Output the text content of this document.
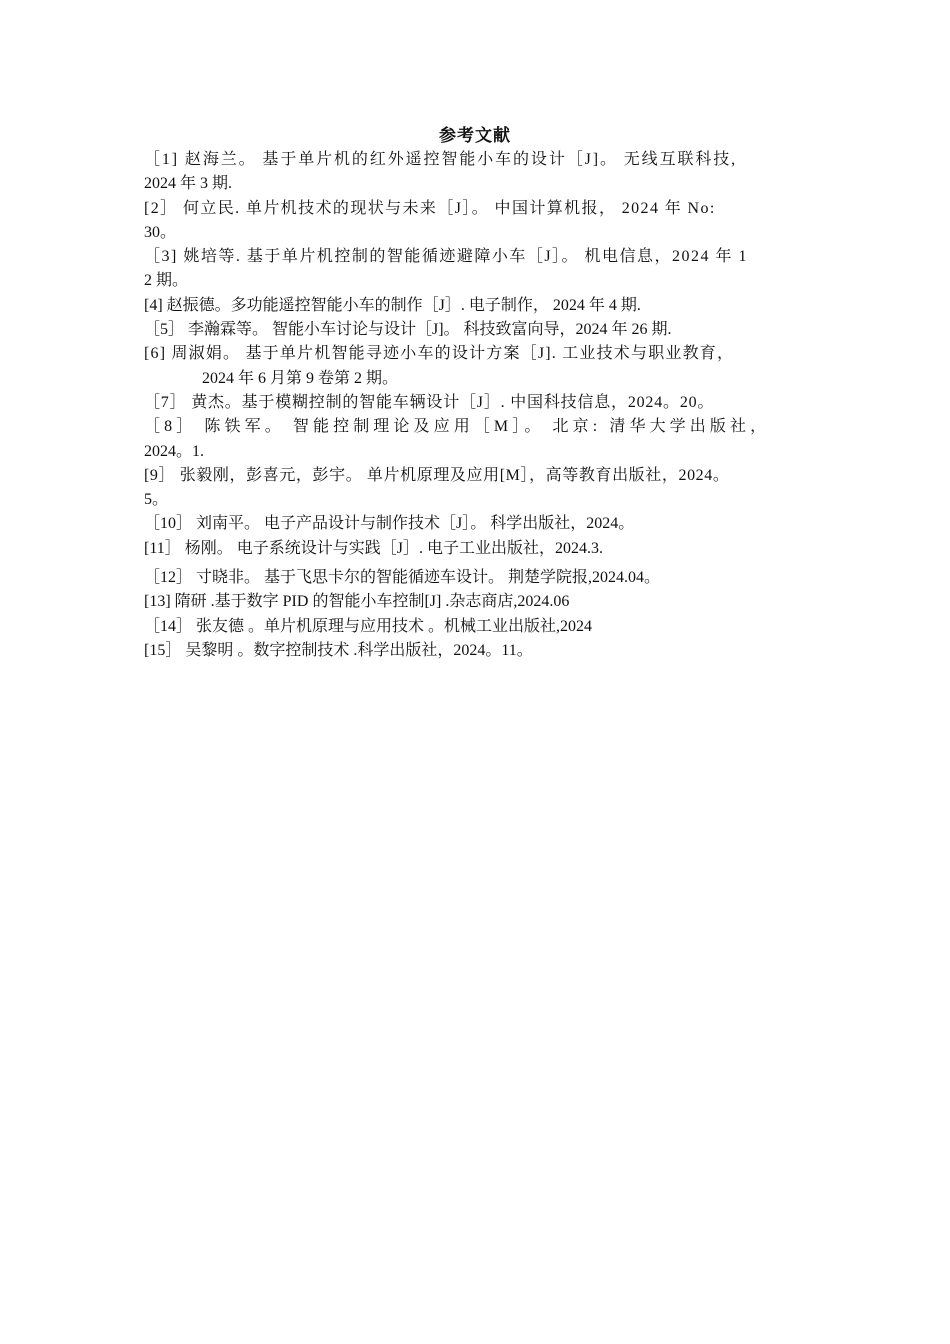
参考文献

［1] 赵海兰。 基于单片机的红外遥控智能小车的设计［J]。 无线互联科技,
2024 年 3 期.

[2］ 何立民. 单片机技术的现状与未来［J］。 中国计算机报， 2024 年 No:
30。

［3] 姚培等. 基于单片机控制的智能循迹避障小车［J］。 机电信息，2024 年 1
2 期。

[4] 赵振德。多功能遥控智能小车的制作［J］. 电子制作， 2024 年 4 期.

［5］ 李瀚霖等。 智能小车讨论与设计［J]。 科技致富向导，2024 年 26 期.

[6] 周淑娟。 基于单片机智能寻迹小车的设计方案［J]. 工业技术与职业教育，
2024 年 6 月第 9 卷第 2 期。

［7］ 黄杰。基于模糊控制的智能车辆设计［J］. 中国科技信息，2024。20。

［8］ 陈铁军。 智能控制理论及应用［M］。 北京: 清华大学出版社，
2024。1.

[9］ 张毅刚，彭喜元，彭宇。 单片机原理及应用[M］，高等教育出版社，2024。
5。

［10］ 刘南平。 电子产品设计与制作技术［J］。 科学出版社，2024。

[11］ 杨刚。 电子系统设计与实践［J］. 电子工业出版社，2024.3.

［12］ 寸晓非。 基于飞思卡尔的智能循迹车设计。 荆楚学院报,2024.04。

[13] 隋研 .基于数字 PID 的智能小车控制[J] .杂志商店,2024.06

［14］ 张友德 。单片机原理与应用技术 。机械工业出版社,2024

[15］ 吴黎明 。数字控制技术 .科学出版社，2024。11。
